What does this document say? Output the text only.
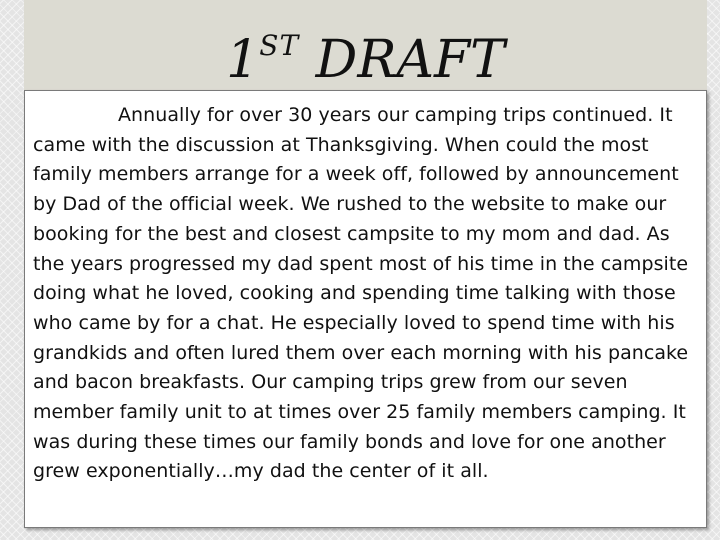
1ST DRAFT

Annually for over 30 years our camping trips continued. It came with the discussion at Thanksgiving. When could the most family members arrange for a week off, followed by announcement by Dad of the official week. We rushed to the website to make our booking for the best and closest campsite to my mom and dad. As the years progressed my dad spent most of his time in the campsite doing what he loved, cooking and spending time talking with those who came by for a chat. He especially loved to spend time with his grandkids and often lured them over each morning with his pancake and bacon breakfasts. Our camping trips grew from our seven member family unit to at times over 25 family members camping. It was during these times our family bonds and love for one another grew exponentially…my dad the center of it all.
